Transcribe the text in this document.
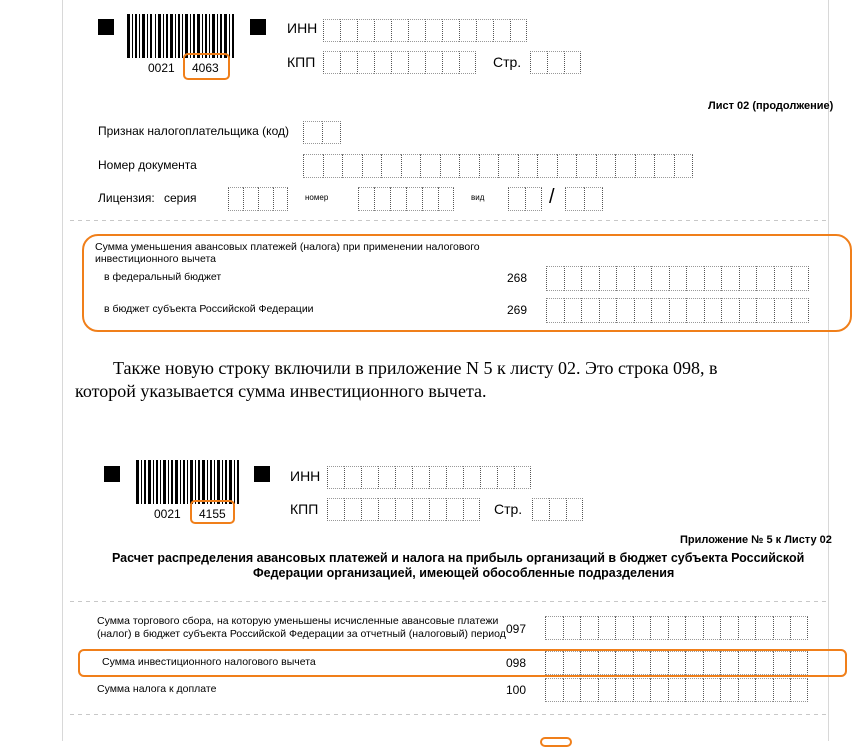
0021 4063
ИНН
КПП	Стр.
Лист 02 (продолжение)
Признак налогоплательщика (код)
Номер документа
Лицензия: серия	номер	вид	/
Сумма уменьшения авансовых платежей (налога) при применении налогового инвестиционного вычета
в федеральный бюджет	268
в бюджет субъекта Российской Федерации	269
Также новую строку включили в приложение N 5 к листу 02. Это строка 098, в
которой указывается сумма инвестиционного вычета.
0021 4155
ИНН
КПП	Стр.
Приложение № 5 к Листу 02
Расчет распределения авансовых платежей и налога на прибыль организаций в бюджет субъекта Российской
Федерации организацией, имеющей обособленные подразделения
Сумма торгового сбора, на которую уменьшены исчисленные авансовые платежи
(налог) в бюджет субъекта Российской Федерации за отчетный (налоговый) период 097
Сумма инвестиционного налогового вычета	098
Сумма налога к доплате	100
